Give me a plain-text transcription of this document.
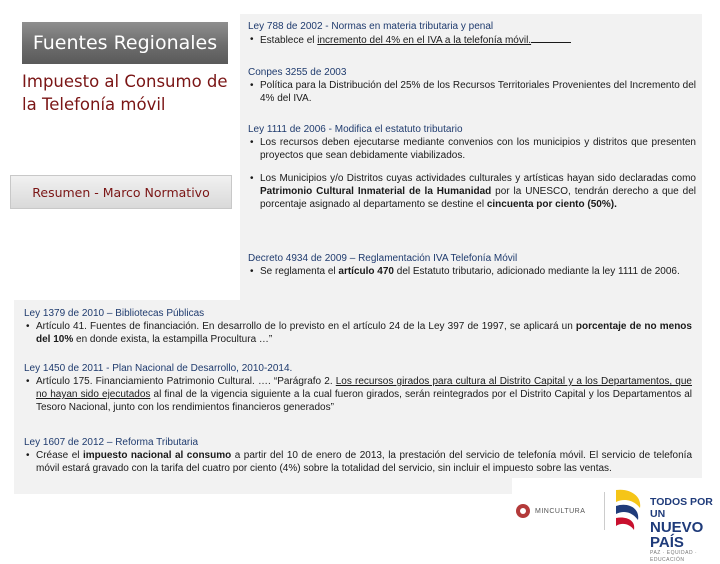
Fuentes Regionales
Impuesto al Consumo de la Telefonía móvil
Resumen - Marco Normativo
Ley 788 de 2002 - Normas en materia tributaria y penal
• Establece el incremento del 4% en el IVA a la telefonía móvil.
Conpes 3255 de 2003
• Política para la Distribución del 25% de los Recursos Territoriales Provenientes del Incremento del 4% del IVA.
Ley 1111 de 2006 - Modifica el estatuto tributario
• Los recursos deben ejecutarse mediante convenios con los municipios y distritos que presenten proyectos que sean debidamente viabilizados.
• Los Municipios y/o Distritos cuyas actividades culturales y artísticas hayan sido declaradas como Patrimonio Cultural Inmaterial de la Humanidad por la UNESCO, tendrán derecho a que del porcentaje asignado al departamento se destine el cincuenta por ciento (50%).
Decreto 4934 de 2009 – Reglamentación IVA Telefonía Móvil
• Se reglamenta el artículo 470 del Estatuto tributario, adicionado mediante la ley 1111 de 2006.
Ley 1379 de 2010 – Bibliotecas Públicas
• Artículo 41. Fuentes de financiación. En desarrollo de lo previsto en el artículo 24 de la Ley 397 de 1997, se aplicará un porcentaje de no menos del 10% en donde exista, la estampilla Procultura …”
Ley 1450 de 2011 - Plan Nacional de Desarrollo, 2010-2014.
• Artículo 175. Financiamiento Patrimonio Cultural. …. “Parágrafo 2. Los recursos girados para cultura al Distrito Capital y a los Departamentos, que no hayan sido ejecutados al final de la vigencia siguiente a la cual fueron girados, serán reintegrados por el Distrito Capital y los Departamentos al Tesoro Nacional, junto con los rendimientos financieros generados”
Ley 1607 de 2012 – Reforma Tributaria
• Créase el impuesto nacional al consumo a partir del 10 de enero de 2013, la prestación del servicio de telefonía móvil. El servicio de telefonía móvil estará gravado con la tarifa del cuatro por ciento (4%) sobre la totalidad del servicio, sin incluir el impuesto sobre las ventas.
MINCULTURA
TODOS POR UN
NUEVO PAÍS
PAZ · EQUIDAD · EDUCACIÓN
